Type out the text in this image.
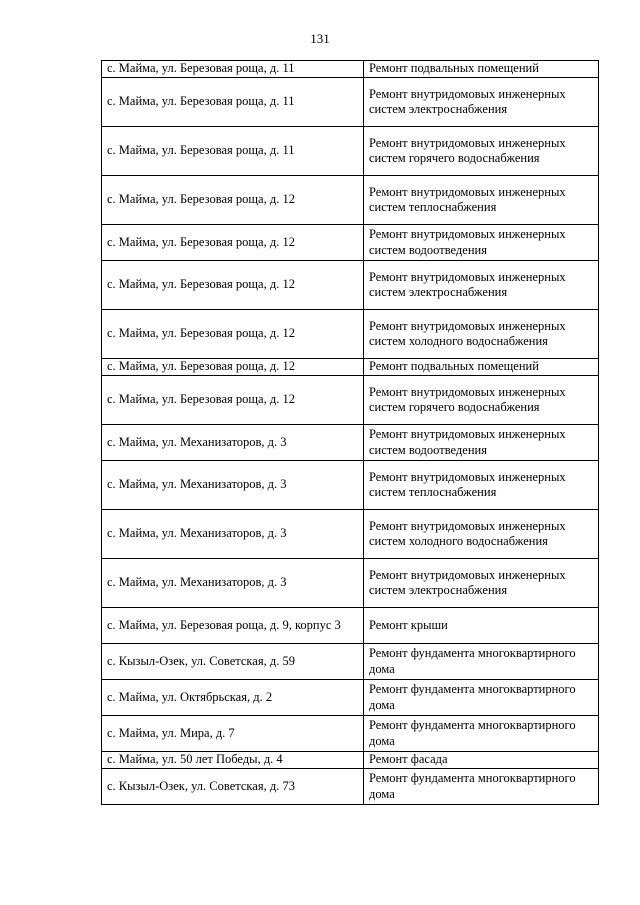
131
с. Майма, ул. Березовая роща, д. 11	Ремонт подвальных помещений
с. Майма, ул. Березовая роща, д. 11	Ремонт внутридомовых инженерных систем электроснабжения
с. Майма, ул. Березовая роща, д. 11	Ремонт внутридомовых инженерных систем горячего водоснабжения
с. Майма, ул. Березовая роща, д. 12	Ремонт внутридомовых инженерных систем теплоснабжения
с. Майма, ул. Березовая роща, д. 12	Ремонт внутридомовых инженерных систем водоотведения
с. Майма, ул. Березовая роща, д. 12	Ремонт внутридомовых инженерных систем электроснабжения
с. Майма, ул. Березовая роща, д. 12	Ремонт внутридомовых инженерных систем холодного водоснабжения
с. Майма, ул. Березовая роща, д. 12	Ремонт подвальных помещений
с. Майма, ул. Березовая роща, д. 12	Ремонт внутридомовых инженерных систем горячего водоснабжения
с. Майма, ул. Механизаторов, д. 3	Ремонт внутридомовых инженерных систем водоотведения
с. Майма, ул. Механизаторов, д. 3	Ремонт внутридомовых инженерных систем теплоснабжения
с. Майма, ул. Механизаторов, д. 3	Ремонт внутридомовых инженерных систем холодного водоснабжения
с. Майма, ул. Механизаторов, д. 3	Ремонт внутридомовых инженерных систем электроснабжения
с. Майма, ул. Березовая роща, д. 9, корпус 3	Ремонт крыши
с. Кызыл-Озек, ул. Советская, д. 59	Ремонт фундамента многоквартирного дома
с. Майма, ул. Октябрьская, д. 2	Ремонт фундамента многоквартирного дома
с. Майма, ул. Мира, д. 7	Ремонт фундамента многоквартирного дома
с. Майма, ул. 50 лет Победы, д. 4	Ремонт фасада
с. Кызыл-Озек, ул. Советская, д. 73	Ремонт фундамента многоквартирного дома
